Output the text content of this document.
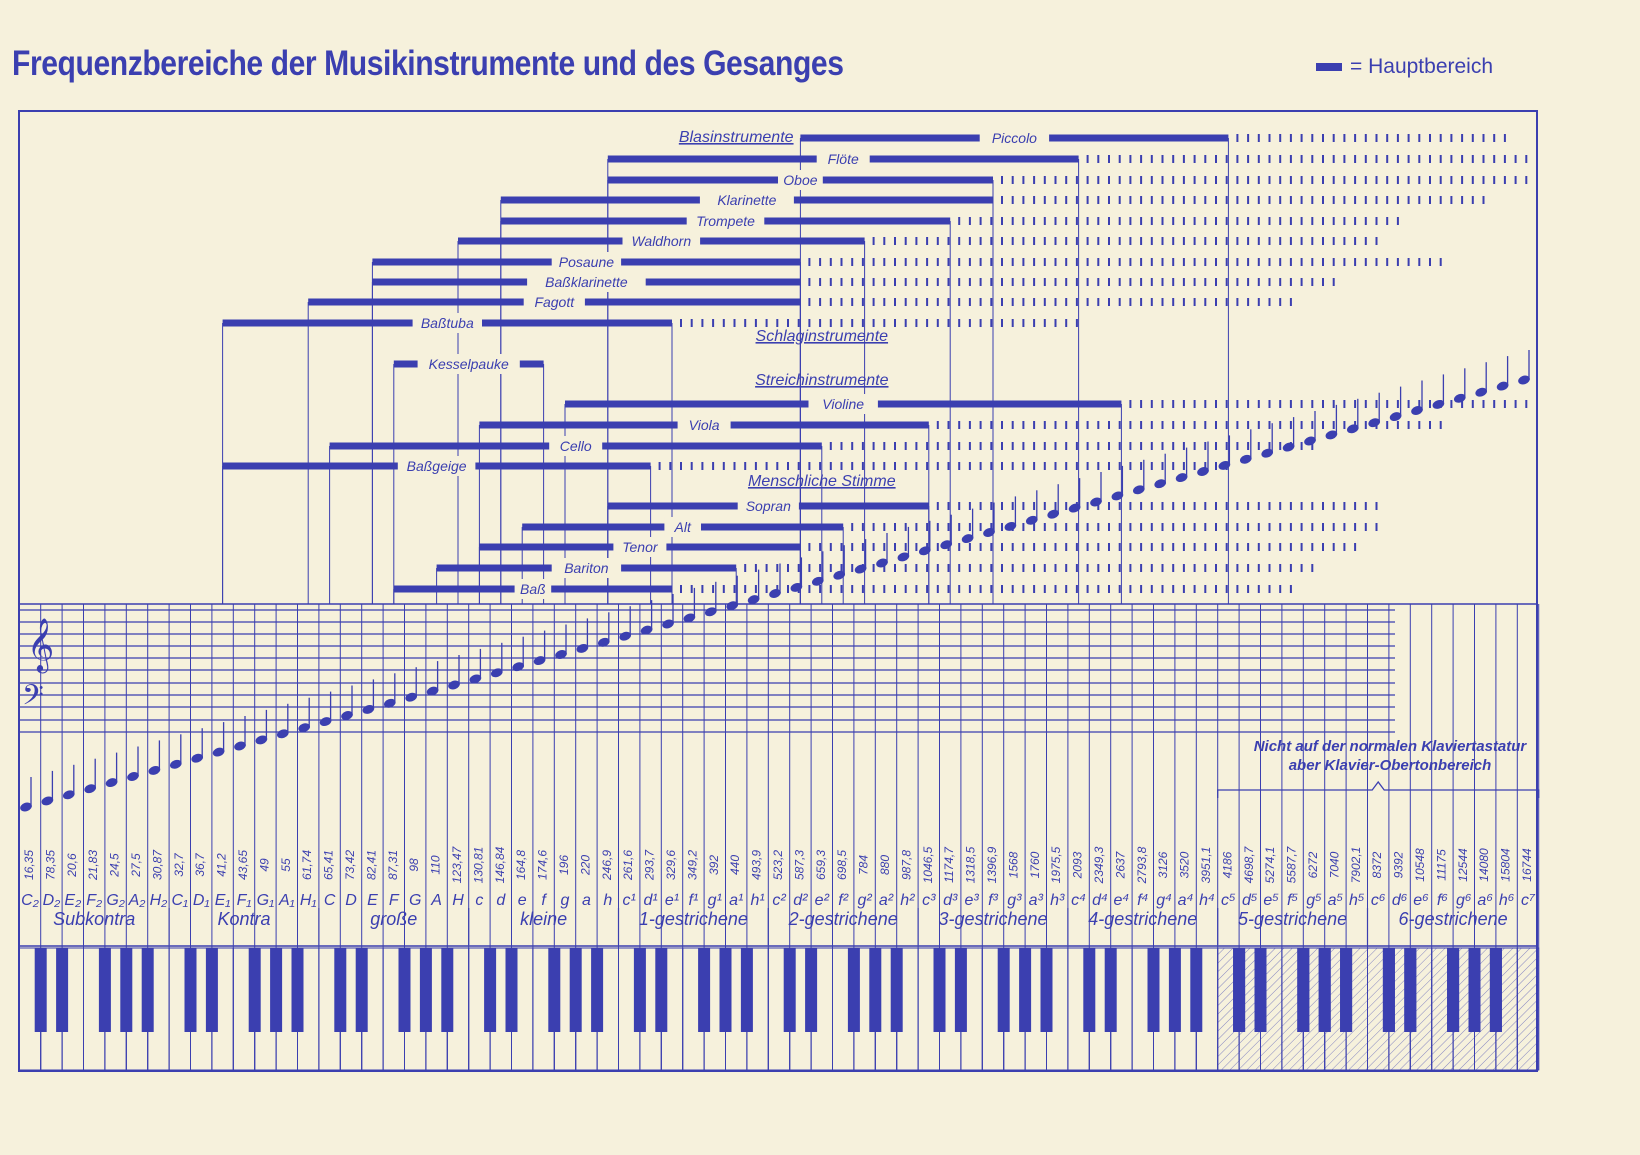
Frequenzbereiche der Musikinstrumente und des Gesanges	= Hauptbereich
𝄞
𝄢
16,35 78,35 20,6 21,83 24,5 27,5 30,87 32,7 36,7 41,2 43,65 49 55 61,74 65,41 73,42 82,41 87,31 98 110 123,47 130,81 146,84 164,8 174,6 196 220 246,9 261,6 293,7 329,6 349,2 392 440 493,9 523,2 587,3 659,3 698,5 784 880 987,8 1046,5 1174,7 1318,5 1396,9 1568 1760 1975,5 2093 2349,3 2637 2793,8 3126 3520 3951,1 4186 4698,7 5274,1 5587,7 6272 7040 7902,1 8372 9392 10548 11175 12544 14080 15804 16744
C₂ D₂ E₂ F₂ G₂ A₂ H₂ C₁ D₁ E₁ F₁ G₁ A₁ H₁ C D E F G A H c d e f g a h c¹ d¹ e¹ f¹ g¹ a¹ h¹ c² d² e² f² g² a² h² c³ d³ e³ f³ g³ a³ h³ c⁴ d⁴ e⁴ f⁴ g⁴ a⁴ h⁴ c⁵ d⁵ e⁵ f⁵ g⁵ a⁵ h⁵ c⁶ d⁶ e⁶ f⁶ g⁶ a⁶ h⁶ c⁷
Subkontra	Kontra	große	kleine	1-gestrichene 2-gestrichene 3-gestrichene 4-gestrichene 5-gestrichene	6-gestrichene
Blasinstrumente
Schlaginstrumente
Streichinstrumente
Menschliche Stimme
Piccolo
Flöte
Oboe
Klarinette
Trompete
Waldhorn
Posaune
Baßklarinette
Fagott
Baßtuba
Kesselpauke
Violine
Viola
Cello
Baßgeige
Sopran
Alt
Tenor
Bariton
Baß
Nicht auf der normalen Klaviertastatur
aber Klavier-Obertonbereich
